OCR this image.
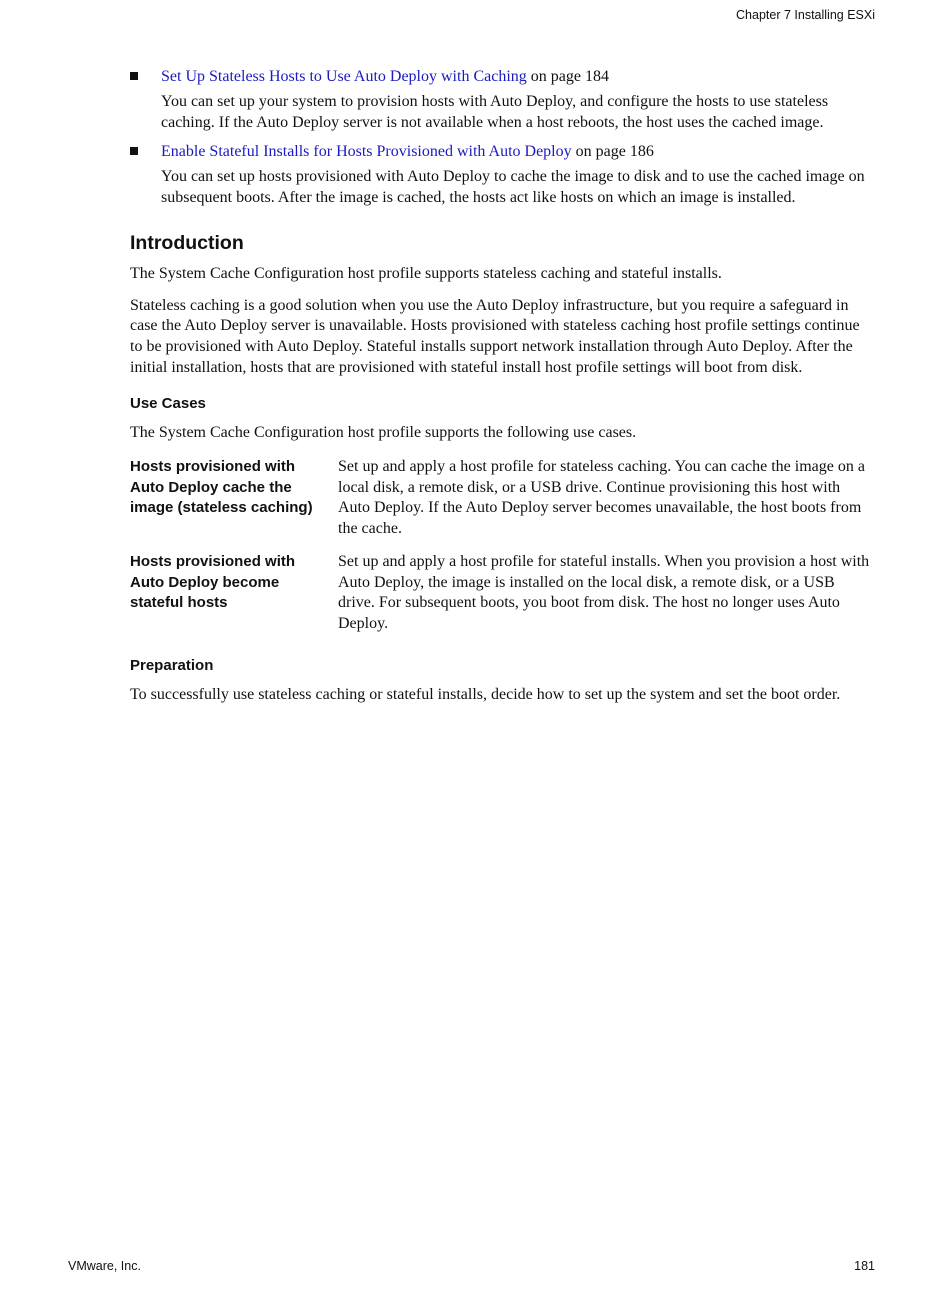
Chapter 7 Installing ESXi

Set Up Stateless Hosts to Use Auto Deploy with Caching on page 184

You can set up your system to provision hosts with Auto Deploy, and configure the hosts to use stateless caching. If the Auto Deploy server is not available when a host reboots, the host uses the cached image.

Enable Stateful Installs for Hosts Provisioned with Auto Deploy on page 186

You can set up hosts provisioned with Auto Deploy to cache the image to disk and to use the cached image on subsequent boots. After the image is cached, the hosts act like hosts on which an image is installed.

Introduction

The System Cache Configuration host profile supports stateless caching and stateful installs.

Stateless caching is a good solution when you use the Auto Deploy infrastructure, but you require a safeguard in case the Auto Deploy server is unavailable. Hosts provisioned with stateless caching host profile settings continue to be provisioned with Auto Deploy. Stateful installs support network installation through Auto Deploy. After the initial installation, hosts that are provisioned with stateful install host profile settings will boot from disk.

Use Cases

The System Cache Configuration host profile supports the following use cases.

Hosts provisioned with Auto Deploy cache the image (stateless caching)
Set up and apply a host profile for stateless caching. You can cache the image on a local disk, a remote disk, or a USB drive. Continue provisioning this host with Auto Deploy. If the Auto Deploy server becomes unavailable, the host boots from the cache.
Hosts provisioned with Auto Deploy become stateful hosts
Set up and apply a host profile for stateful installs. When you provision a host with Auto Deploy, the image is installed on the local disk, a remote disk, or a USB drive. For subsequent boots, you boot from disk. The host no longer uses Auto Deploy.
Preparation

To successfully use stateless caching or stateful installs, decide how to set up the system and set the boot order.

VMware, Inc.	181
